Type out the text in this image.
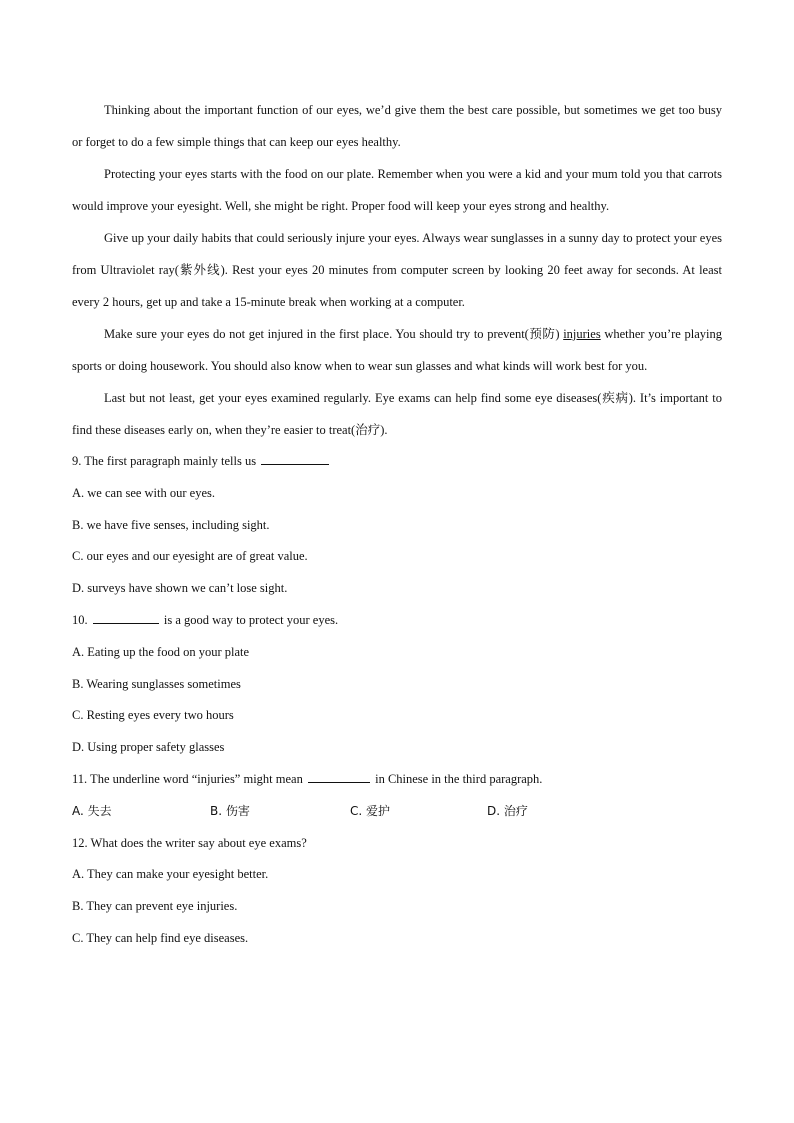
Thinking about the important function of our eyes, we’d give them the best care possible, but sometimes we get too busy or forget to do a few simple things that can keep our eyes healthy.

Protecting your eyes starts with the food on our plate. Remember when you were a kid and your mum told you that carrots would improve your eyesight. Well, she might be right. Proper food will keep your eyes strong and healthy.

Give up your daily habits that could seriously injure your eyes. Always wear sunglasses in a sunny day to protect your eyes from Ultraviolet ray(紫外线). Rest your eyes 20 minutes from computer screen by looking 20 feet away for seconds. At least every 2 hours, get up and take a 15-minute break when working at a computer.

Make sure your eyes do not get injured in the first place. You should try to prevent(预防) injuries whether you’re playing sports or doing housework. You should also know when to wear sun glasses and what kinds will work best for you.

Last but not least, get your eyes examined regularly. Eye exams can help find some eye diseases(疾病). It’s important to find these diseases early on, when they’re easier to treat(治疗).

9. The first paragraph mainly tells us

A. we can see with our eyes.

B. we have five senses, including sight.

C. our eyes and our eyesight are of great value.

D. surveys have shown we can’t lose sight.

10.	is a good way to protect your eyes.

A. Eating up the food on your plate

B. Wearing sunglasses sometimes

C. Resting eyes every two hours

D. Using proper safety glasses

11. The underline word “injuries” might mean	in Chinese in the third paragraph.

A. 失去	B. 伤害	C. 爱护	D. 治疗

12. What does the writer say about eye exams?

A. They can make your eyesight better.

B. They can prevent eye injuries.

C. They can help find eye diseases.
